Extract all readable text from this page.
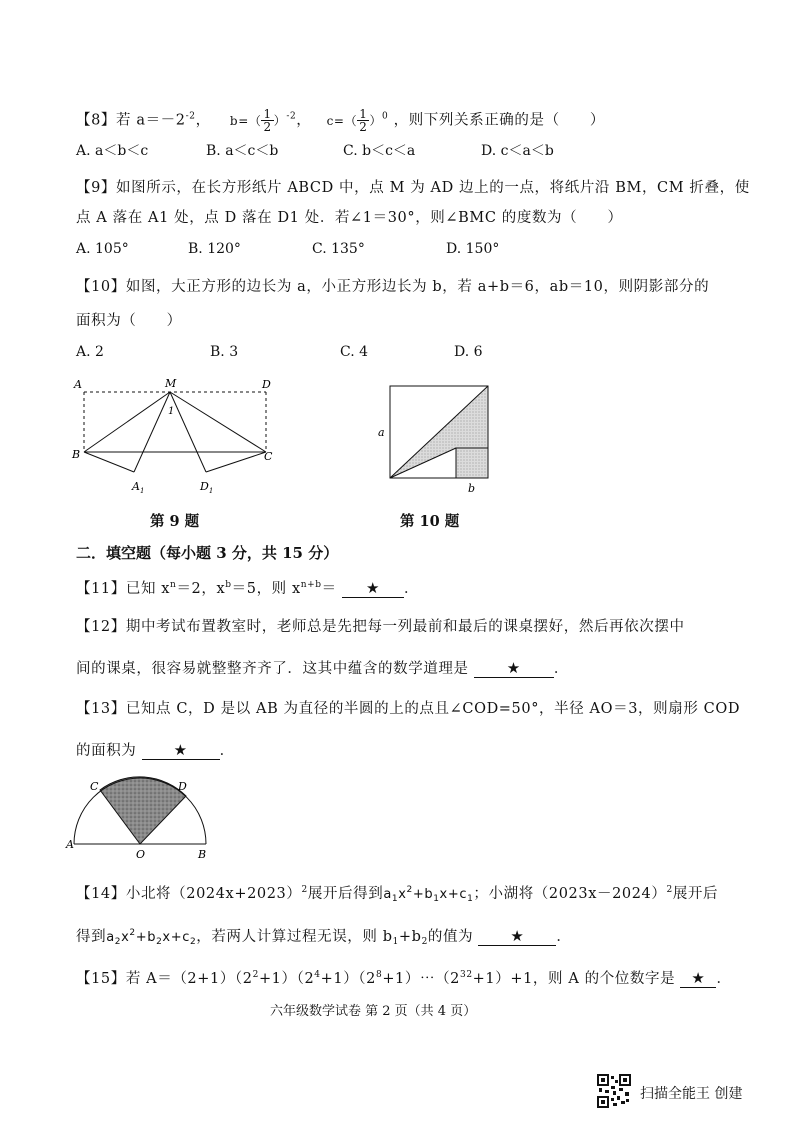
【8】若 $a=-2^{-2}$， $b=( \frac{1}{2} )^{-2}$， $c=( \frac{1}{2} )^0$ ，则下列关系正确的是（　　）
A. a＜b＜c	B. a＜c＜b	C. b＜c＜a	D. c＜a＜b
【9】如图所示，在长方形纸片 ABCD 中，点 M 为 AD 边上的一点，将纸片沿 BM，CM 折叠，使
点 A 落在 A1 处，点 D 落在 D1 处．若∠1＝30°，则∠BMC 的度数为（　　）
A. 105°	B. 120°	C. 135°	D. 150°
【10】如图，大正方形的边长为 a，小正方形边长为 b，若 a+b＝6，ab＝10，则阴影部分的
面积为（　　）
A. 2	B. 3	C. 4	D. 6
A	M	D
1
B	C
$A_1$	$D_1$
第 9 题
a
b
第 10 题
二．填空题（每小题 3 分，共 15 分）
【11】已知 $x^n=2$，$x^b=5$，则 $x^{n+b}=$ ★ ．
【12】期中考试布置教室时，老师总是先把每一列最前和最后的课桌摆好，然后再依次摆中
间的课桌，很容易就整整齐齐了．这其中蕴含的数学道理是	★ ．
【13】已知点 C，D 是以 AB 为直径的半圆的上的点且∠COD=50°，半径 AO＝3，则扇形 COD
的面积为 ★ ．
C	D
A
O	B
【14】小北将$(2024x+2023)^2$展开后得到$a_1x^2+b_1x+c_1$；小湖将$(2023x-2024)^2$展开后
得到$a_2x^2+b_2x+c_2$，若两人计算过程无误，则 $b_1+b_2$的值为 ★ ．
【15】若 $A=(2+1)(2^2+1)(2^4+1)(2^8+1)\cdots(2^{32}+1)+1$，则 A 的个位数字是 ★ ．
六年级数学试卷 第 2 页（共 4 页）
扫描全能王 创建
